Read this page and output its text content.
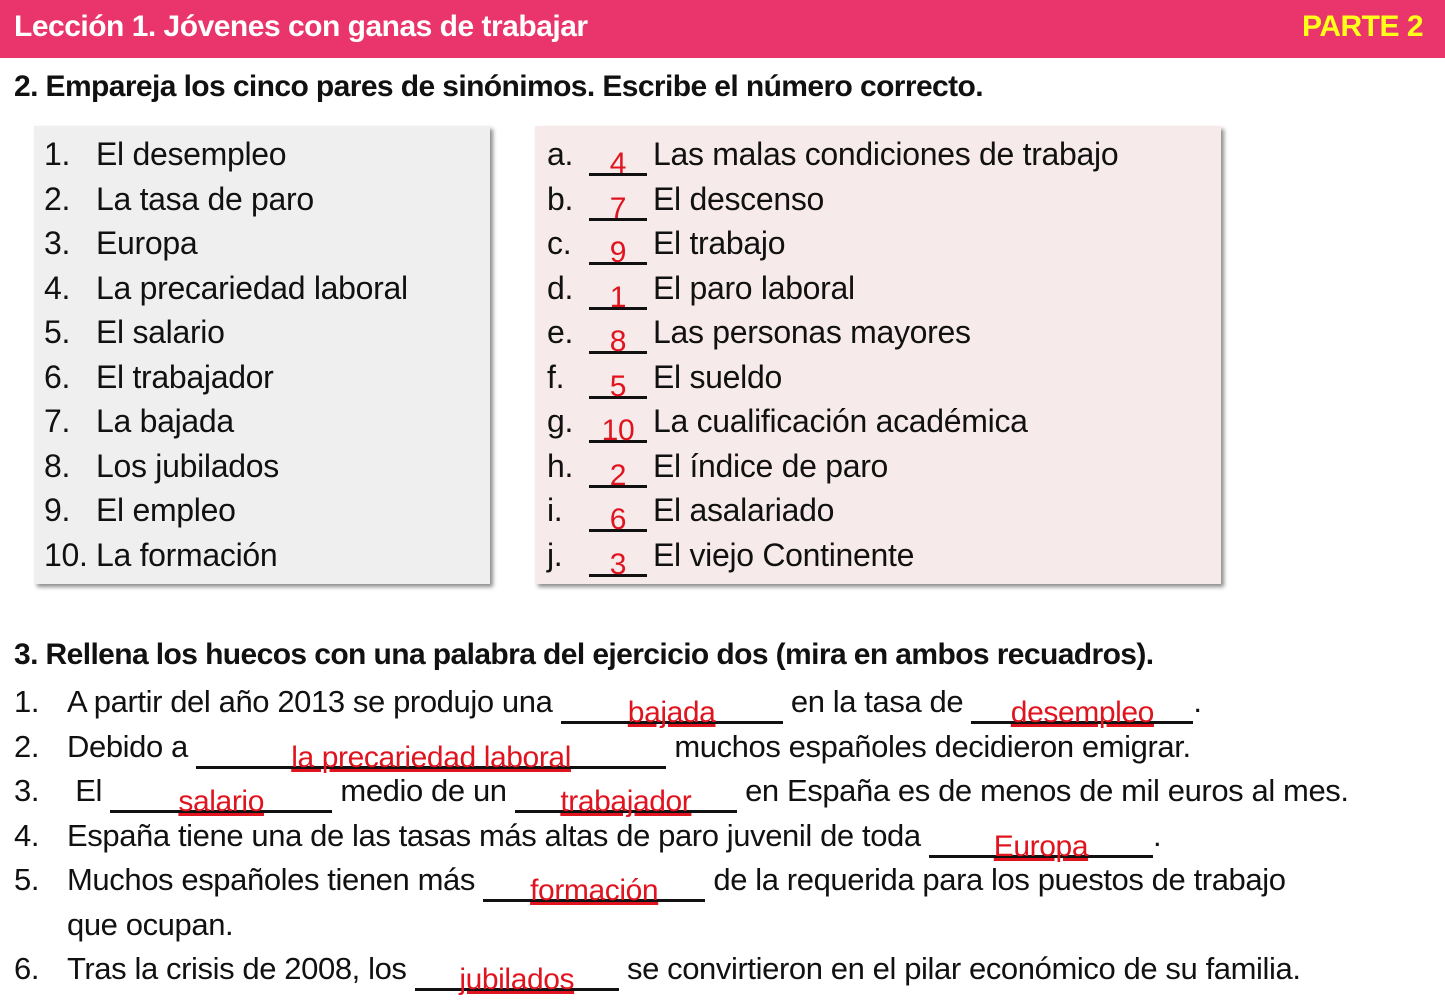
Lección 1. Jóvenes con ganas de trabajar	PARTE 2
2. Empareja los cinco pares de sinónimos. Escribe el número correcto.
1. El desempleo
2. La tasa de paro
3. Europa
4. La precariedad laboral
5. El salario
6. El trabajador
7. La bajada
8. Los jubilados
9. El empleo
10. La formación
a. 4 Las malas condiciones de trabajo
b. 7 El descenso
c. 9 El trabajo
d. 1 El paro laboral
e. 8 Las personas mayores
f. 5 El sueldo
g. 10 La cualificación académica
h. 2 El índice de paro
i. 6 El asalariado
j. 3 El viejo Continente
3. Rellena los huecos con una palabra del ejercicio dos (mira en ambos recuadros).
1. A partir del año 2013 se produjo una bajada en la tasa de desempleo .
2. Debido a	la precariedad laboral	muchos españoles decidieron emigrar.
3. El salario medio de un trabajador en España es de menos de mil euros al mes.
4. España tiene una de las tasas más altas de paro juvenil de toda Europa .
5. Muchos españoles tienen más formación de la requerida para los puestos de trabajo
que ocupan.
6. Tras la crisis de 2008, los jubilados se convirtieron en el pilar económico de su familia.
